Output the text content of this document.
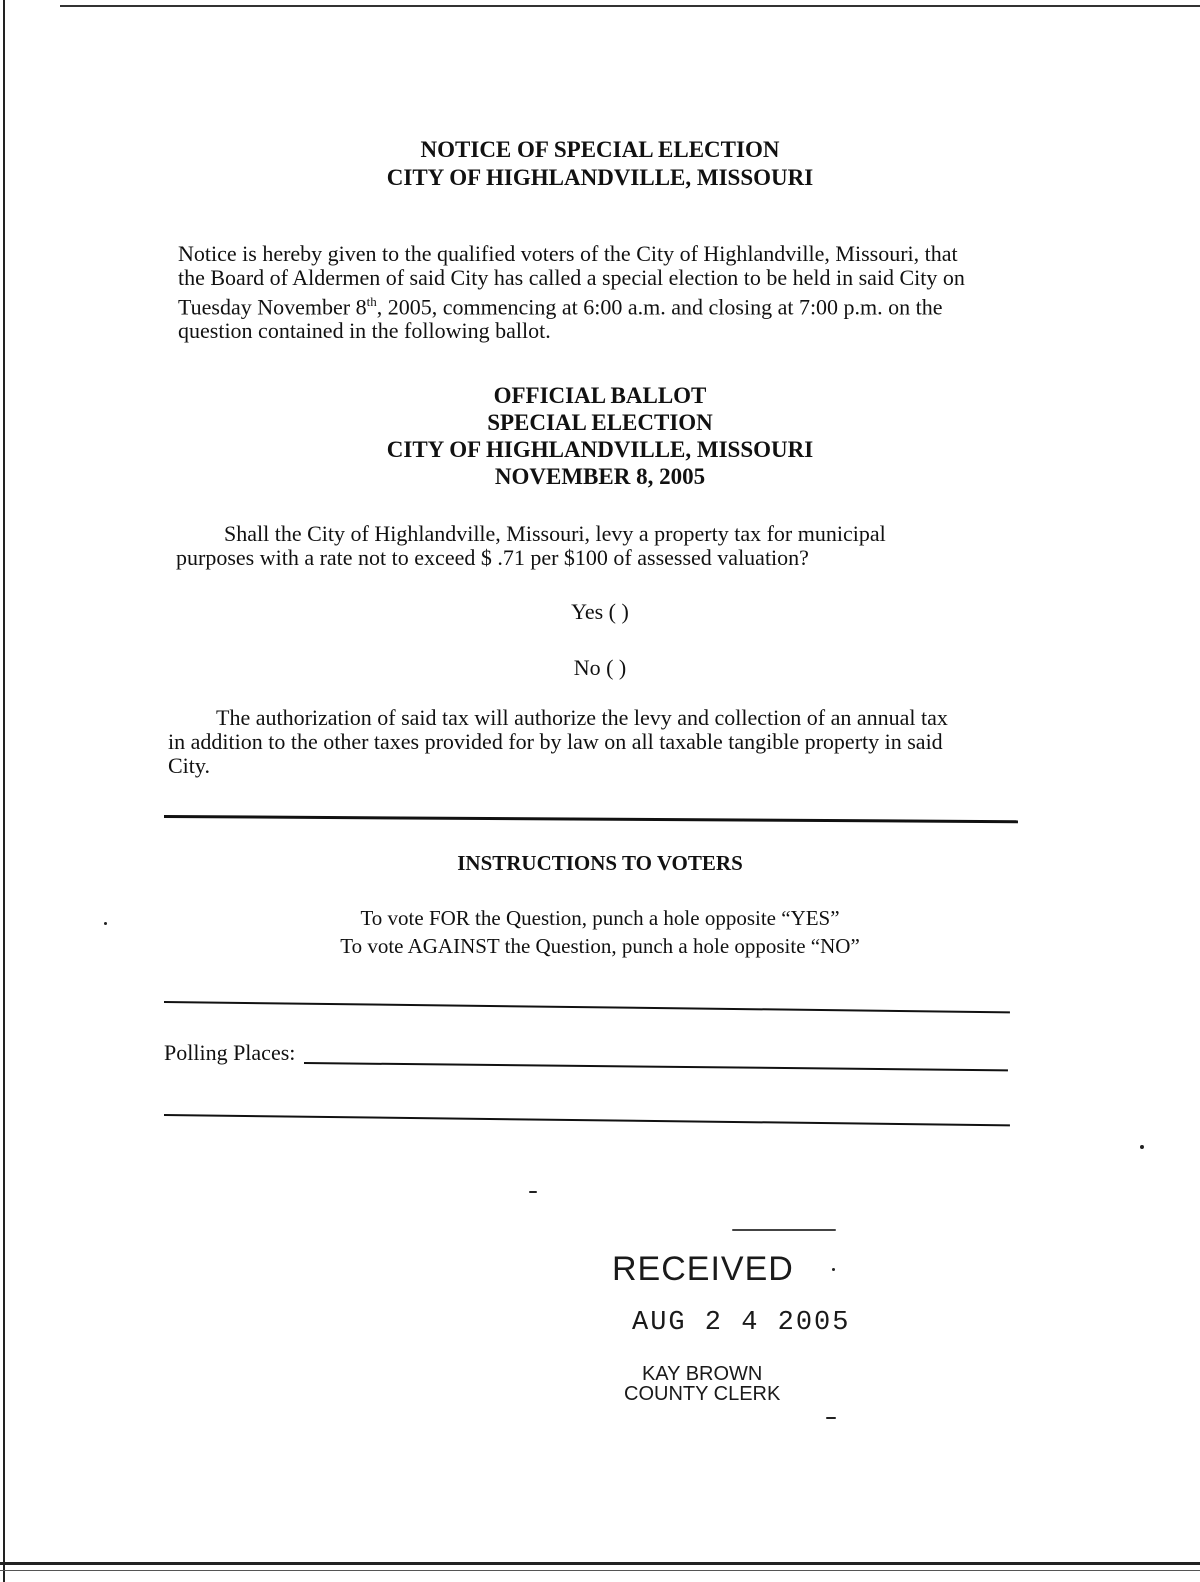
NOTICE OF SPECIAL ELECTION
CITY OF HIGHLANDVILLE, MISSOURI
Notice is hereby given to the qualified voters of the City of Highlandville, Missouri, that
the Board of Aldermen of said City has called a special election to be held in said City on
Tuesday November 8th, 2005, commencing at 6:00 a.m. and closing at 7:00 p.m. on the
question contained in the following ballot.
OFFICIAL BALLOT
SPECIAL ELECTION
CITY OF HIGHLANDVILLE, MISSOURI
NOVEMBER 8, 2005
Shall the City of Highlandville, Missouri, levy a property tax for municipal
purposes with a rate not to exceed $ .71 per $100 of assessed valuation?
Yes ( )
No ( )
The authorization of said tax will authorize the levy and collection of an annual tax
in addition to the other taxes provided for by law on all taxable tangible property in said
City.
INSTRUCTIONS TO VOTERS
To vote FOR the Question, punch a hole opposite “YES”
To vote AGAINST the Question, punch a hole opposite “NO”
Polling Places:
RECEIVED
AUG 2 4 2005
KAY BROWN
COUNTY CLERK
